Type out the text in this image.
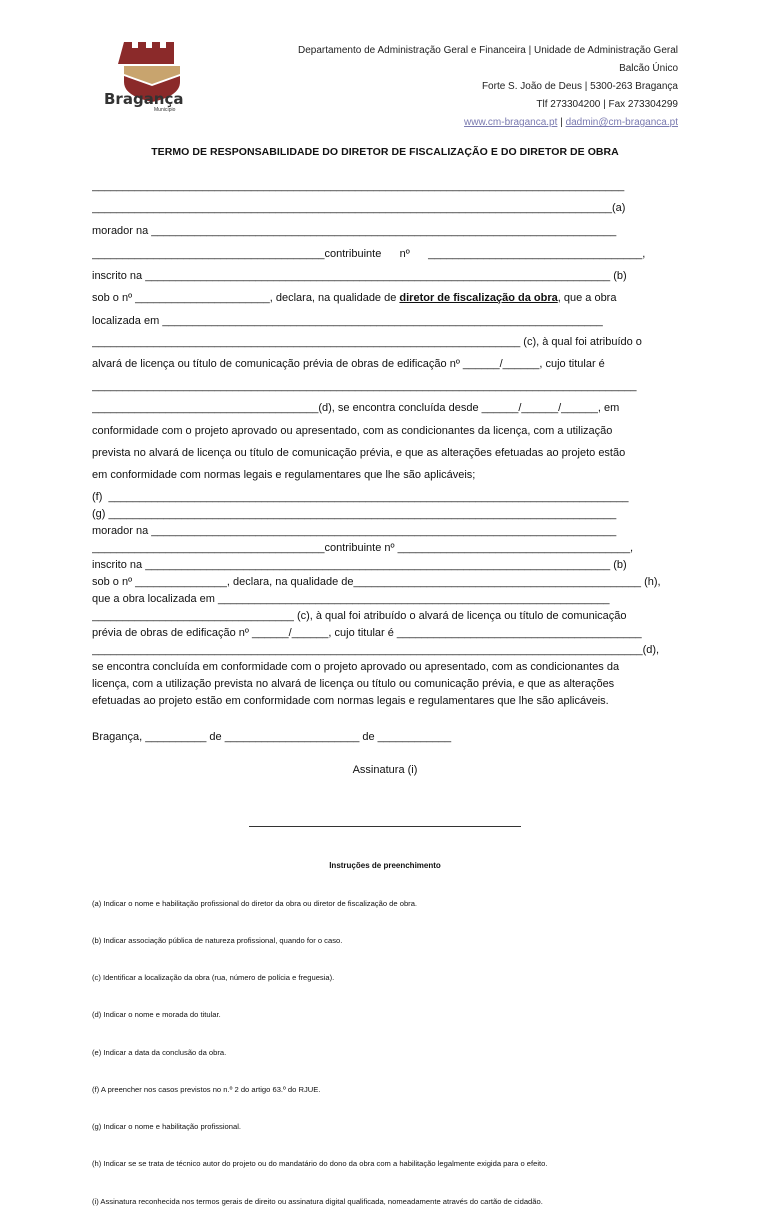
Bragança
Município
Departamento de Administração Geral e Financeira | Unidade de Administração Geral
Balcão Único
Forte S. João de Deus | 5300-263 Bragança
Tlf 273304200 | Fax 273304299
www.cm-braganca.pt | dadmin@cm-braganca.pt
TERMO DE RESPONSABILIDADE DO DIRETOR DE FISCALIZAÇÃO E DO DIRETOR DE OBRA
_______________________________________________________________________________________
_____________________________________________________________________________________(a)
morador na ____________________________________________________________________________
______________________________________contribuinte      nº      ___________________________________,
inscrito na ____________________________________________________________________________ (b)
sob o nº ______________________, declara, na qualidade de diretor de fiscalização da obra, que a obra
localizada em ________________________________________________________________________
______________________________________________________________________ (c), à qual foi atribuído o
alvará de licença ou título de comunicação prévia de obras de edificação nº ______/______, cujo titular é
_________________________________________________________________________________________
_____________________________________(d), se encontra concluída desde ______/______/______, em
conformidade com o projeto aprovado ou apresentado, com as condicionantes da licença, com a utilização
prevista no alvará de licença ou título de comunicação prévia, e que as alterações efetuadas ao projeto estão
em conformidade com normas legais e regulamentares que lhe são aplicáveis;
(f)  _____________________________________________________________________________________
(g) ___________________________________________________________________________________
morador na ____________________________________________________________________________
______________________________________contribuinte nº ______________________________________,
inscrito na ____________________________________________________________________________ (b)
sob o nº _______________, declara, na qualidade de_______________________________________________ (h),
que a obra localizada em ________________________________________________________________
_________________________________ (c), à qual foi atribuído o alvará de licença ou título de comunicação
prévia de obras de edificação nº ______/______, cujo titular é ________________________________________
__________________________________________________________________________________________(d),
se encontra concluída em conformidade com o projeto aprovado ou apresentado, com as condicionantes da
licença, com a utilização prevista no alvará de licença ou título ou comunicação prévia, e que as alterações
efetuadas ao projeto estão em conformidade com normas legais e regulamentares que lhe são aplicáveis.
Bragança, __________ de ______________________ de ____________
Assinatura (i)
Instruções de preenchimento

(a) Indicar o nome e habilitação profissional do diretor da obra ou diretor de fiscalização de obra.

(b) Indicar associação pública de natureza profissional, quando for o caso.

(c) Identificar a localização da obra (rua, número de polícia e freguesia).

(d) Indicar o nome e morada do titular.

(e) Indicar a data da conclusão da obra.

(f) A preencher nos casos previstos no n.º 2 do artigo 63.º do RJUE.

(g) Indicar o nome e habilitação profissional.

(h) Indicar se se trata de técnico autor do projeto ou do mandatário do dono da obra com a habilitação legalmente exigida para o efeito.

(i) Assinatura reconhecida nos termos gerais de direito ou assinatura digital qualificada, nomeadamente através do cartão de cidadão.
